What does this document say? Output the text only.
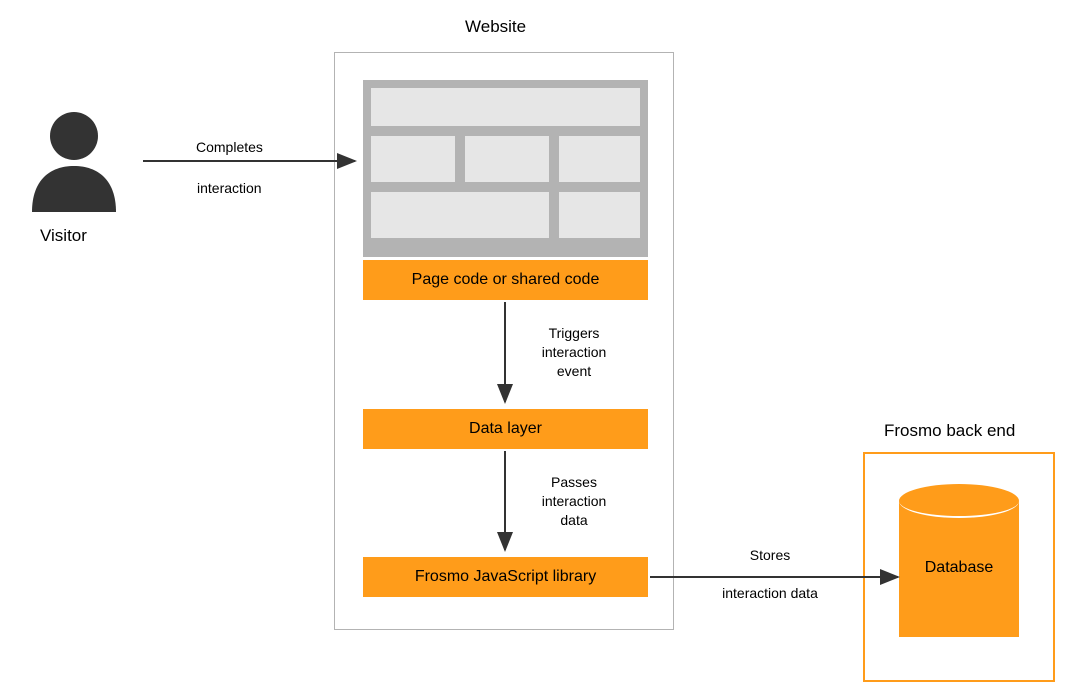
Website
Frosmo back end
Visitor
Page code or shared code
Data layer
Frosmo JavaScript library
Database
Completes
interaction
Triggers
interaction
event
Passes
interaction
data
Stores
interaction data
